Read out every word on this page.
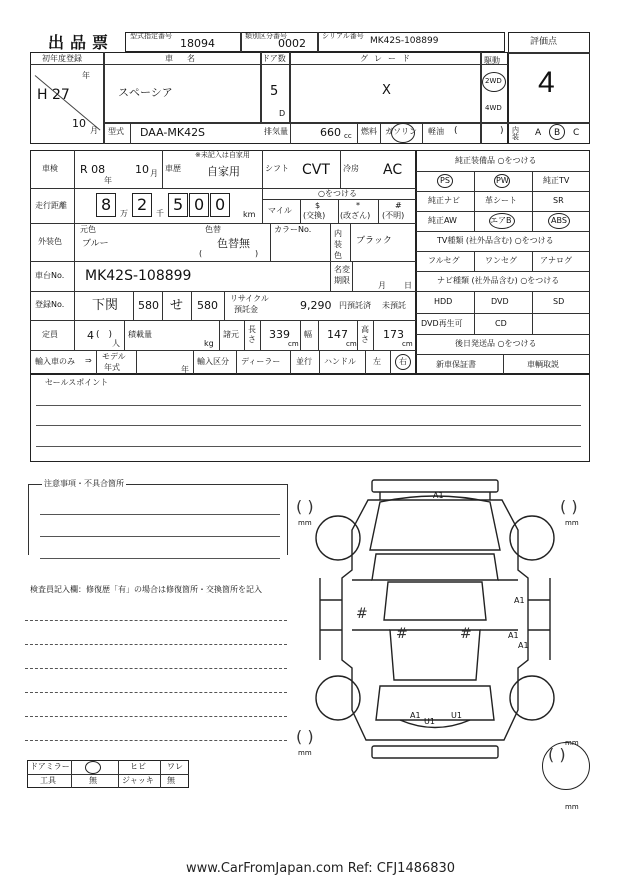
出品票 型式指定番号
18094
類別区分番号
0002
シリアル番号 MK42S-108899	評価点
4
初年度登録
年
H 27
10
月
車名
スペーシア
ドア数
5
D
グレード
X
駆動
2WD
4WD
型式 DAA-MK42S	排気量	660 cc 燃料 ガソリン 軽油 (	) 内装	A B C
車検 R 08
年
10 月
車歴
※未記入は自家用
自家用	シフト CVT 冷房 AC
走行距離 8 万 2 千 5 0 0
km
○をつける
マイル
$
(交換)
*
(改ざん)
#
(不明)
外装色
元色
ブルー
色替
色替無
(	)
カラーNo.	内装色
ブラック
車台No. MK42S-108899	名変期限
月 日
登録No. 下関 580 せ 580
リサイクル
預託金	9,290 円預託済 未預託
定員	4 (　)
人
積載量
kg
諸元
長さ 339
cm
幅 147
cm
高さ 173
cm
輸入車のみ ⇒ モデル
年式	年
輸入区分 ディーラー 並行 ハンドル 左 右
セールスポイント
純正装備品 ○をつける
PS	PW	純正TV
純正ナビ	革シート	SR
純正AW	エアB	ABS
TV種類 (社外品含む) ○をつける
フルセグ	ワンセグ	アナログ
ナビ種類 (社外品含む) ○をつける
HDD	DVD	SD
DVD再生可	CD
後日発送品 ○をつける
新車保証書	車輌取説
注意事項・不具合箇所
検査員記入欄：修復歴「有」の場合は修復箇所・交換箇所を記入
ドアミラー	ヒビ	ワレ
工具	無	ジャッキ 無
#
#	#
( )	( )
( )
( )
A1
A1
A1
A1
A1
U1
U1
mm	mm
mm
mm
mm
www.CarFromJapan.com Ref: CFJ1486830
